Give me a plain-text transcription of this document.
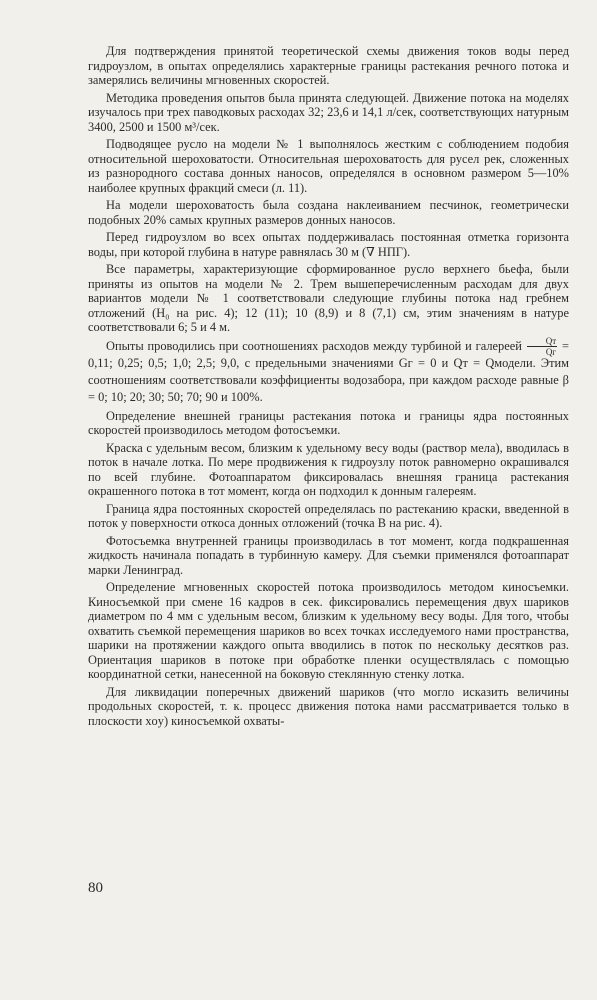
Для подтверждения принятой теоретической схемы движения токов воды перед гидроузлом, в опытах определялись характерные границы растекания речного потока и замерялись величины мгновенных скоростей.

Методика проведения опытов была принята следующей. Движение потока на моделях изучалось при трех паводковых расходах 32; 23,6 и 14,1 л/сек, соответствующих натурным 3400, 2500 и 1500 м³/сек.

Подводящее русло на модели № 1 выполнялось жестким с соблюдением подобия относительной шероховатости. Относительная шероховатость для русел рек, сложенных из разнородного состава донных наносов, определялся в основном размером 5—10% наиболее крупных фракций смеси (л. 11).

На модели шероховатость была создана наклеиванием песчинок, геометрически подобных 20% самых крупных размеров донных наносов.

Перед гидроузлом во всех опытах поддерживалась постоянная отметка горизонта воды, при которой глубина в натуре равнялась 30 м (∇ НПГ).

Все параметры, характеризующие сформированное русло верхнего бьефа, были приняты из опытов на модели № 2. Трем вышеперечисленным расходам для двух вариантов модели № 1 соответствовали следующие глубины потока над гребнем отложений (H₀ на рис. 4); 12 (11); 10 (8,9) и 8 (7,1) см, этим значениям в натуре соответствовали 6; 5 и 4 м.

Опыты проводились при соотношениях расходов между турбиной и галереей $\frac{Qт}{Qг} = 0,11$; 0,25; 0,5; 1,0; 2,5; 9,0, с предельными значениями Gг = 0 и Qт = Qмодели. Этим соотношениям соответствовали коэффициенты водозабора, при каждом расходе равные β = 0; 10; 20; 30; 50; 70; 90 и 100%.

Определение внешней границы растекания потока и границы ядра постоянных скоростей производилось методом фотосъемки.

Краска с удельным весом, близким к удельному весу воды (раствор мела), вводилась в поток в начале лотка. По мере продвижения к гидроузлу поток равномерно окрашивался по всей глубине. Фотоаппаратом фиксировалась внешняя граница растекания окрашенного потока в тот момент, когда он подходил к донным галереям.

Граница ядра постоянных скоростей определялась по растеканию краски, введенной в поток у поверхности откоса донных отложений (точка В на рис. 4).

Фотосъемка внутренней границы производилась в тот момент, когда подкрашенная жидкость начинала попадать в турбинную камеру. Для съемки применялся фотоаппарат марки Ленинград.

Определение мгновенных скоростей потока производилось методом киносъемки. Киносъемкой при смене 16 кадров в сек. фиксировались перемещения двух шариков диаметром по 4 мм с удельным весом, близким к удельному весу воды. Для того, чтобы охватить съемкой перемещения шариков во всех точках исследуемого нами пространства, шарики на протяжении каждого опыта вводились в поток по нескольку десятков раз. Ориентация шариков в потоке при обработке пленки осуществлялась с помощью координатной сетки, нанесенной на боковую стеклянную стенку лотка.

Для ликвидации поперечных движений шариков (что могло исказить величины продольных скоростей, т. к. процесс движения потока нами рассматривается только в плоскости xoy) киносъемкой охваты-

80
